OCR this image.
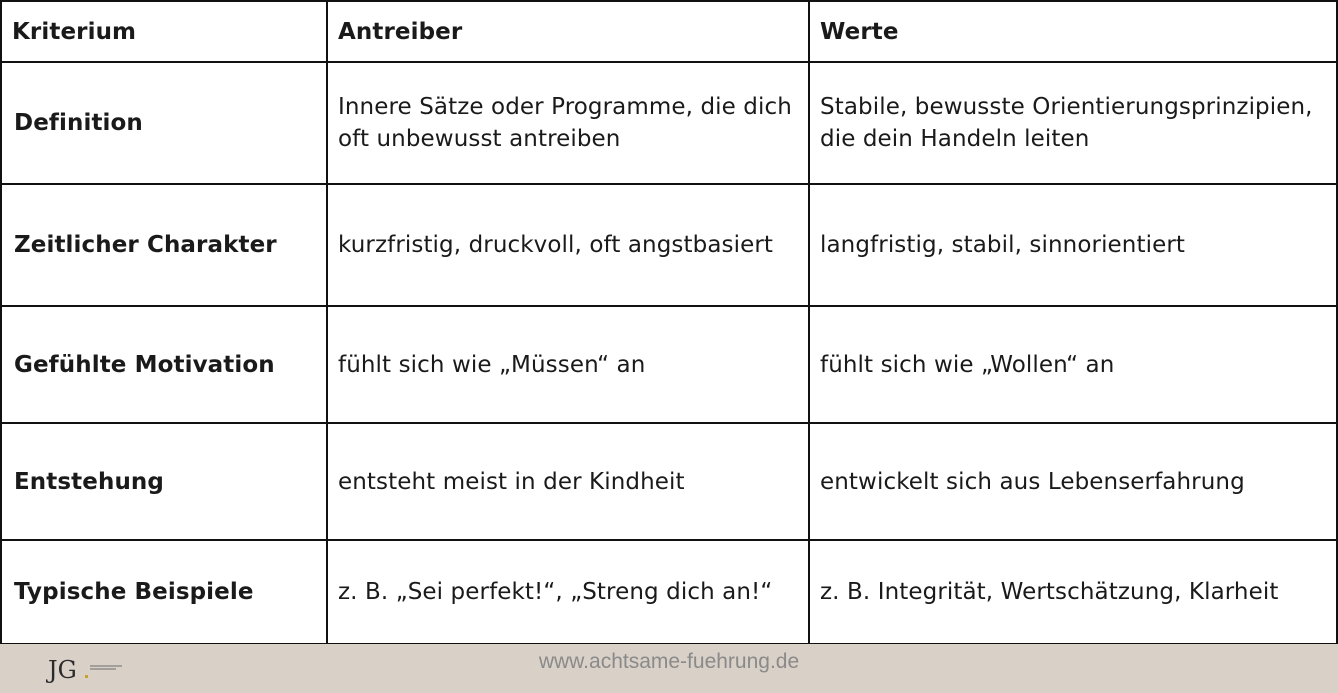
Kriterium	Antreiber	Werte
Definition	Innere Sätze oder Programme, die dich oft unbewusst antreiben	Stabile, bewusste Orientierungsprinzipien, die dein Handeln leiten
Zeitlicher Charakter	kurzfristig, druckvoll, oft angstbasiert	langfristig, stabil, sinnorientiert
Gefühlte Motivation	fühlt sich wie „Müssen“ an	fühlt sich wie „Wollen“ an
Entstehung	entsteht meist in der Kindheit	entwickelt sich aus Lebenserfahrung
Typische Beispiele	z. B. „Sei perfekt!“, „Streng dich an!“	z. B. Integrität, Wertschätzung, Klarheit
JG	www.achtsame-fuehrung.de
